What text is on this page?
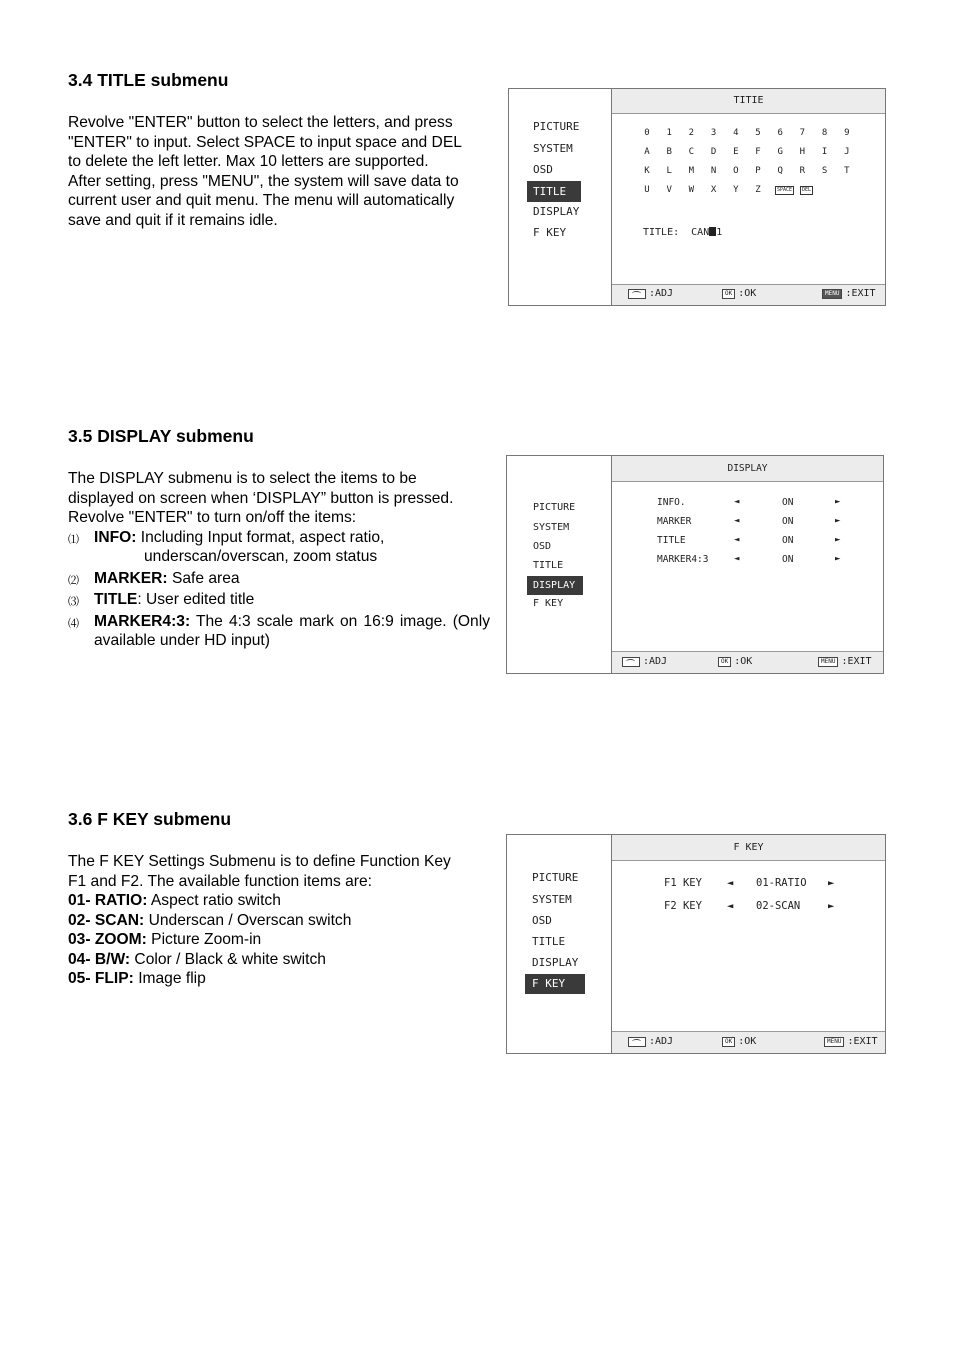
3.4 TITLE submenu

Revolve "ENTER" button to select the letters, and press

"ENTER" to input. Select SPACE to input space and DEL

to delete the left letter. Max 10 letters are supported.

After setting, press "MENU", the system will save data to

current user and quit menu. The menu will automatically

save and quit if it remains idle.

PICTURE
SYSTEM
OSD
TITLE
DISPLAY
F KEY
TITIE
0	1	2	3	4	5	6	7	8	9
A	B	C	D	E	F	G	H	I	J
K	L	M	N	O	P	Q	R	S	T
U	V	W	X	Y	Z	SPACE	DEL
TITLE: CAN 1
:ADJ	OK :OK	MENU :EXIT
3.5 DISPLAY submenu

The DISPLAY submenu is to select the items to be

displayed on screen when ‘DISPLAY” button is pressed.

Revolve "ENTER" to turn on/off the items:

⑴ INFO: Including Input format, aspect ratio,

underscan/overscan, zoom status

⑵ MARKER: Safe area
⑶ TITLE: User edited title
⑷ MARKER4:3: The 4:3 scale mark on 16:9 image. (Only available under HD input)
PICTURE
SYSTEM
OSD
TITLE
DISPLAY
F KEY
DISPLAY
INFO.	◄	ON	►
MARKER	◄	ON	►
TITLE	◄	ON	►
MARKER4:3	◄	ON	►
:ADJ	OK :OK	MENU :EXIT
3.6 F KEY submenu

The F KEY Settings Submenu is to define Function Key

F1 and F2. The available function items are:

01- RATIO: Aspect ratio switch

02- SCAN: Underscan / Overscan switch

03- ZOOM: Picture Zoom-in

04- B/W: Color / Black & white switch

05- FLIP: Image flip

PICTURE
SYSTEM
OSD
TITLE
DISPLAY
F KEY
F KEY
F1 KEY ◄ 01-RATIO ►
F2 KEY ◄ 02-SCAN	►
:ADJ	OK :OK	MENU :EXIT
